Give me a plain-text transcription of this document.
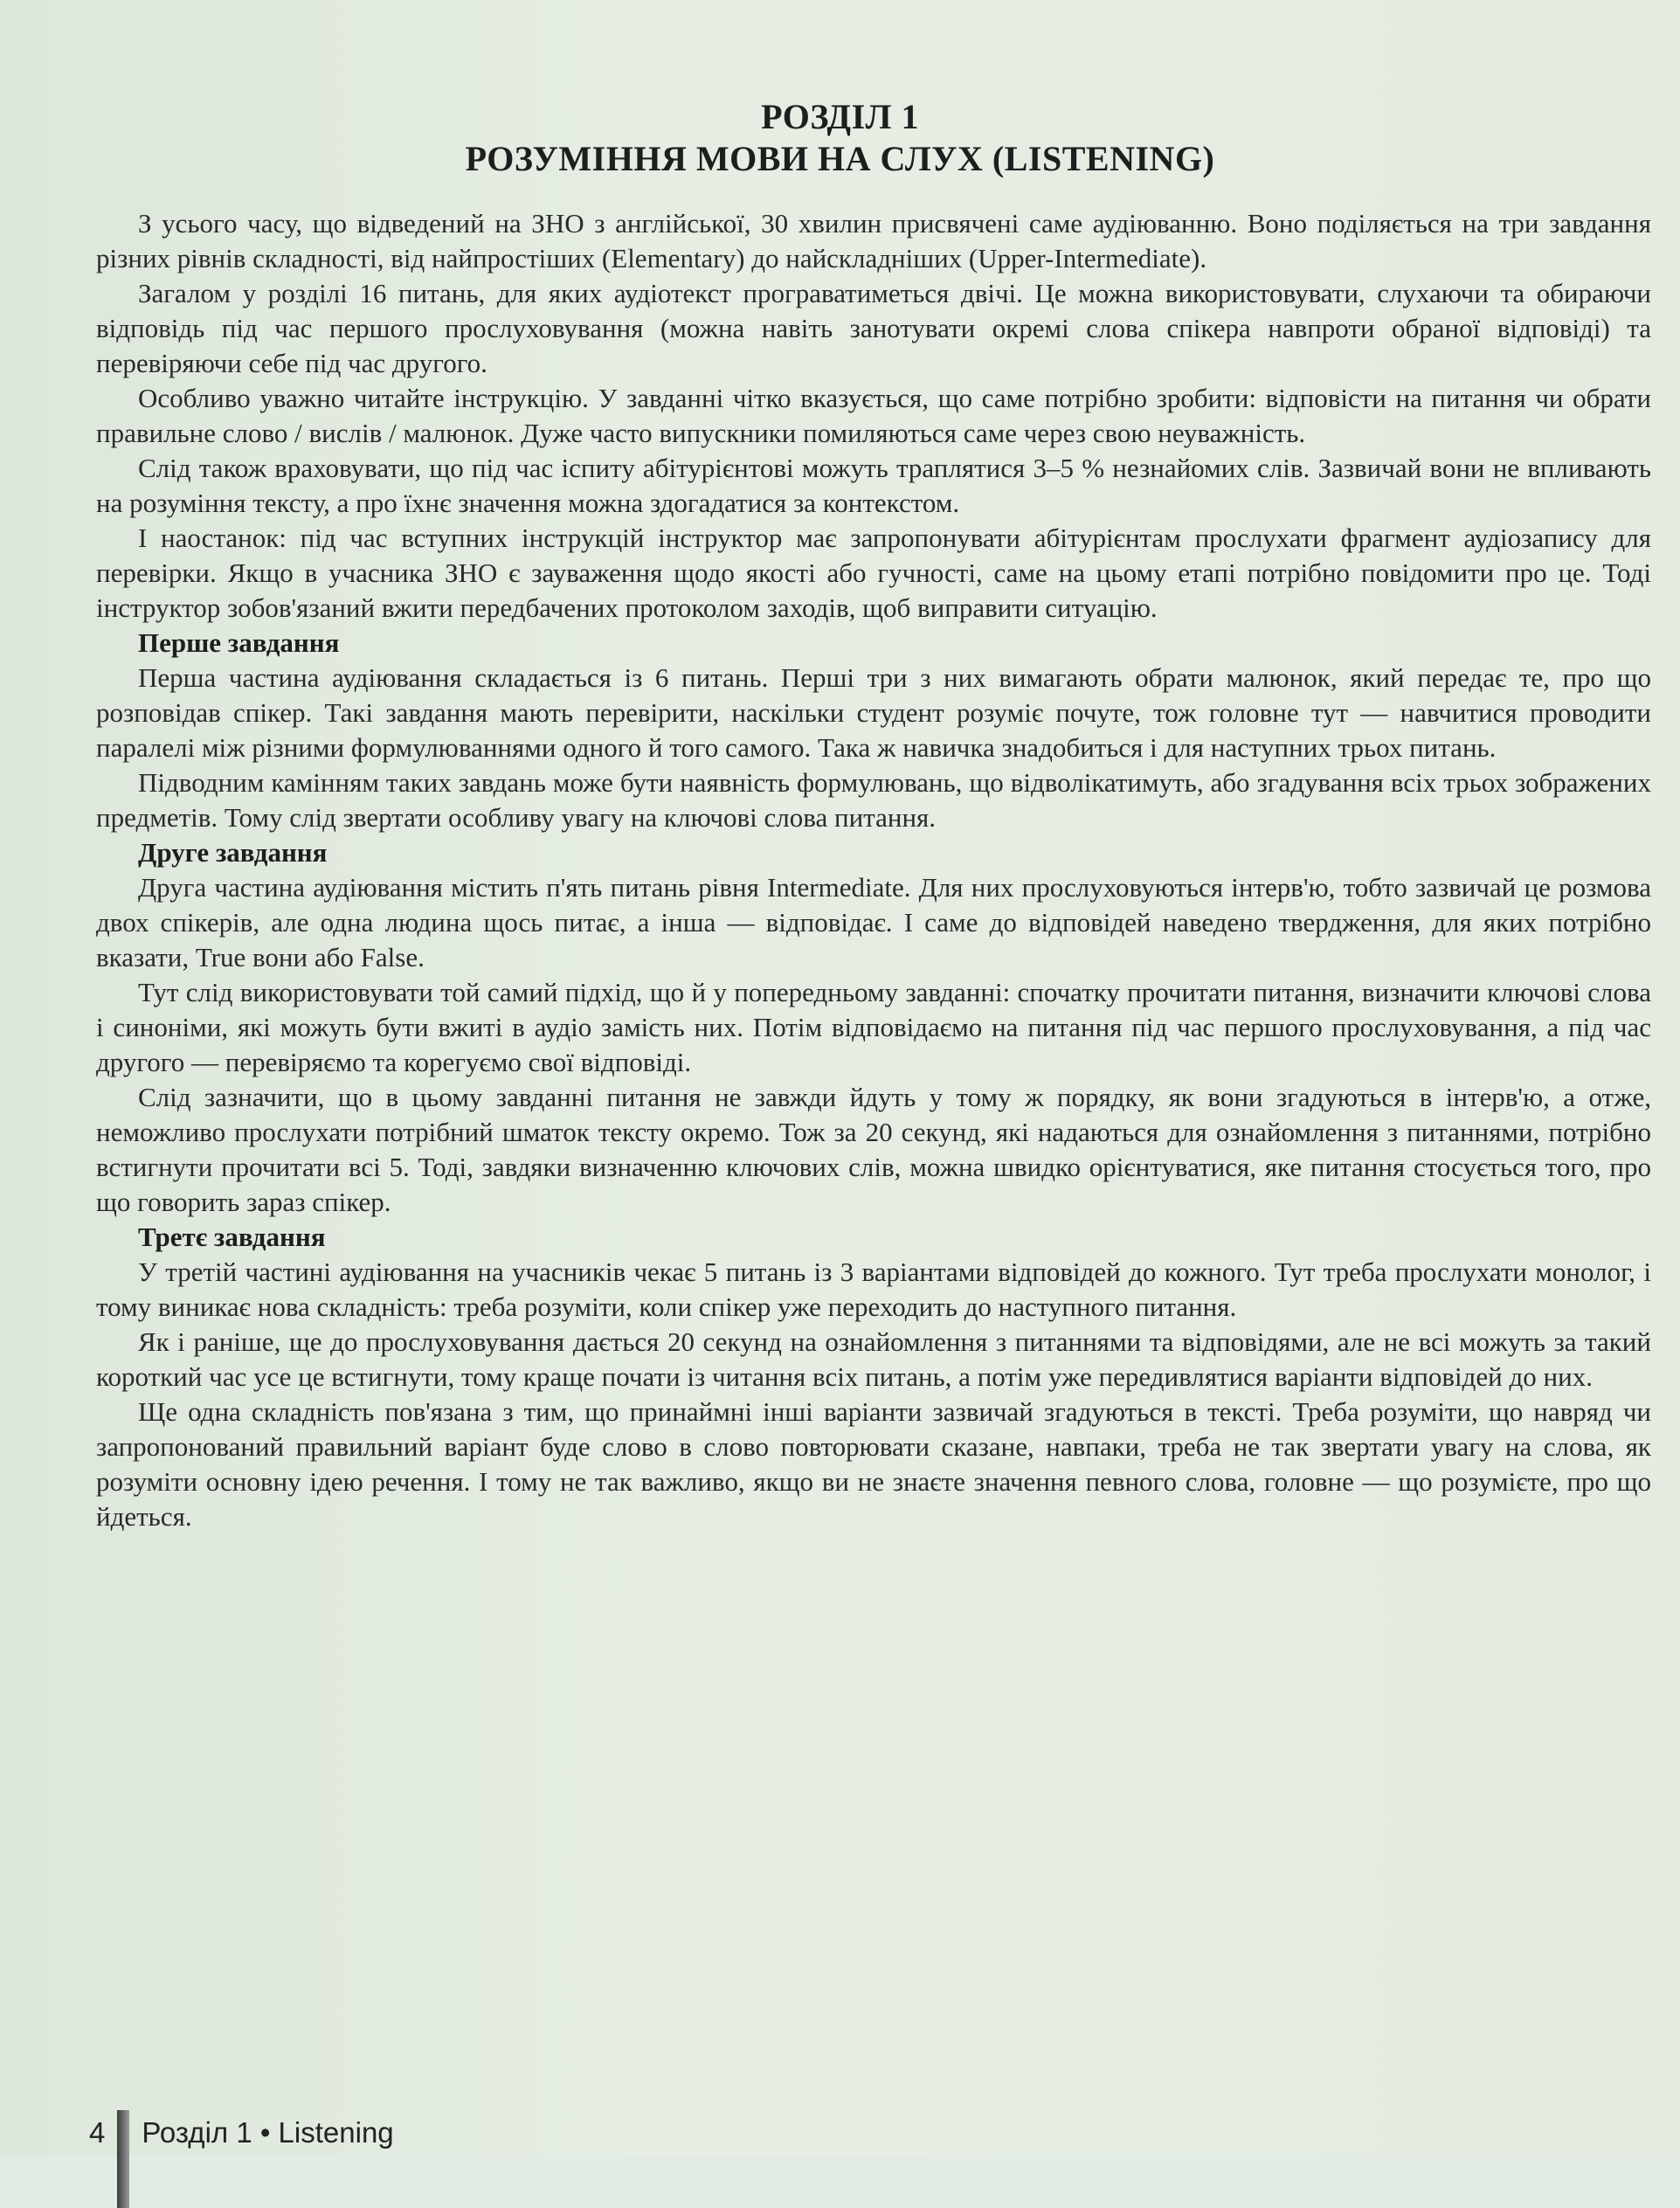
РОЗДІЛ 1
РОЗУМІННЯ МОВИ НА СЛУХ (LISTENING)

З усього часу, що відведений на ЗНО з англійської, 30 хвилин присвячені саме аудіюванню. Воно поділяється на три завдання різних рівнів складності, від найпростіших (Elementary) до найскладніших (Upper-Intermediate).

Загалом у розділі 16 питань, для яких аудіотекст програватиметься двічі. Це можна використовувати, слухаючи та обираючи відповідь під час першого прослуховування (можна навіть занотувати окремі слова спікера навпроти обраної відповіді) та перевіряючи себе під час другого.

Особливо уважно читайте інструкцію. У завданні чітко вказується, що саме потрібно зробити: відповісти на питання чи обрати правильне слово / вислів / малюнок. Дуже часто випускники помиляються саме через свою неуважність.

Слід також враховувати, що під час іспиту абітурієнтові можуть траплятися 3–5 % незнайомих слів. Зазвичай вони не впливають на розуміння тексту, а про їхнє значення можна здогадатися за контекстом.

І наостанок: під час вступних інструкцій інструктор має запропонувати абітурієнтам прослухати фрагмент аудіозапису для перевірки. Якщо в учасника ЗНО є зауваження щодо якості або гучності, саме на цьому етапі потрібно повідомити про це. Тоді інструктор зобов'язаний вжити передбачених протоколом заходів, щоб виправити ситуацію.

Перше завдання

Перша частина аудіювання складається із 6 питань. Перші три з них вимагають обрати малюнок, який передає те, про що розповідав спікер. Такі завдання мають перевірити, наскільки студент розуміє почуте, тож головне тут — навчитися проводити паралелі між різними формулюваннями одного й того самого. Така ж навичка знадобиться і для наступних трьох питань.

Підводним камінням таких завдань може бути наявність формулювань, що відволікатимуть, або згадування всіх трьох зображених предметів. Тому слід звертати особливу увагу на ключові слова питання.

Друге завдання

Друга частина аудіювання містить п'ять питань рівня Intermediate. Для них прослуховуються інтерв'ю, тобто зазвичай це розмова двох спікерів, але одна людина щось питає, а інша — відповідає. І саме до відповідей наведено твердження, для яких потрібно вказати, True вони або False.

Тут слід використовувати той самий підхід, що й у попередньому завданні: спочатку прочитати питання, визначити ключові слова і синоніми, які можуть бути вжиті в аудіо замість них. Потім відповідаємо на питання під час першого прослуховування, а під час другого — перевіряємо та корегуємо свої відповіді.

Слід зазначити, що в цьому завданні питання не завжди йдуть у тому ж порядку, як вони згадуються в інтерв'ю, а отже, неможливо прослухати потрібний шматок тексту окремо. Тож за 20 секунд, які надаються для ознайомлення з питаннями, потрібно встигнути прочитати всі 5. Тоді, завдяки визначенню ключових слів, можна швидко орієнтуватися, яке питання стосується того, про що говорить зараз спікер.

Третє завдання

У третій частині аудіювання на учасників чекає 5 питань із 3 варіантами відповідей до кожного. Тут треба прослухати монолог, і тому виникає нова складність: треба розуміти, коли спікер уже переходить до наступного питання.

Як і раніше, ще до прослуховування дається 20 секунд на ознайомлення з питаннями та відповідями, але не всі можуть за такий короткий час усе це встигнути, тому краще почати із читання всіх питань, а потім уже передивлятися варіанти відповідей до них.

Ще одна складність пов'язана з тим, що принаймні інші варіанти зазвичай згадуються в тексті. Треба розуміти, що навряд чи запропонований правильний варіант буде слово в слово повторювати сказане, навпаки, треба не так звертати увагу на слова, як розуміти основну ідею речення. І тому не так важливо, якщо ви не знаєте значення певного слова, головне — що розумієте, про що йдеться.

4 Розділ 1 • Listening
